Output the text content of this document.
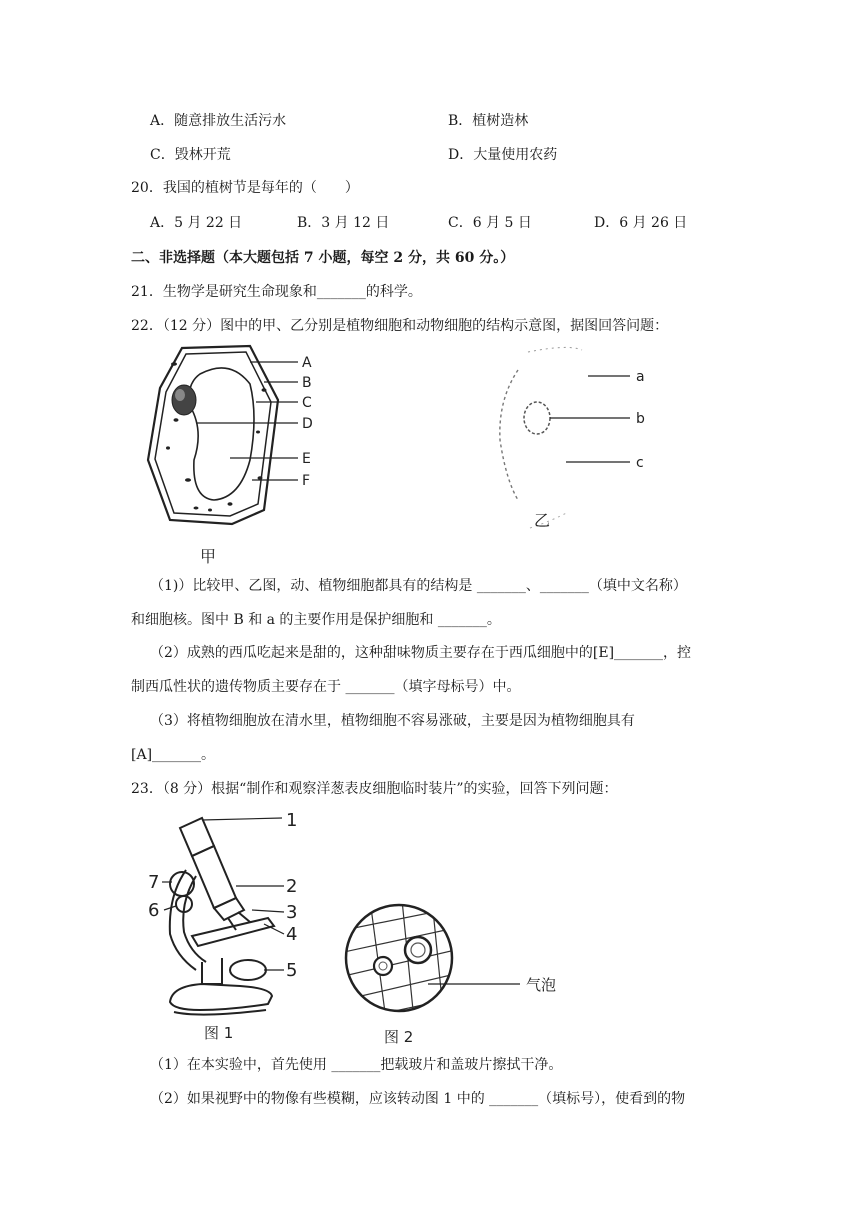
A．随意排放生活污水	B．植树造林
C．毁林开荒	D．大量使用农药
20．我国的植树节是每年的（　　）
A．5 月 22 日	B．3 月 12 日	C．6 月 5 日	D．6 月 26 日
二、非选择题（本大题包括 7 小题，每空 2 分，共 60 分。）
21．生物学是研究生命现象和_______的科学。
22．（12 分）图中的甲、乙分别是植物细胞和动物细胞的结构示意图，据图回答问题：
A
B
C
D
E
F
甲
a
b
c
乙
（1)）比较甲、乙图，动、植物细胞都具有的结构是 _______、_______（填中文名称）
和细胞核。图中 B 和 a 的主要作用是保护细胞和 _______。
（2）成熟的西瓜吃起来是甜的，这种甜味物质主要存在于西瓜细胞中的[E]_______，控
制西瓜性状的遗传物质主要存在于 _______（填字母标号）中。
（3）将植物细胞放在清水里，植物细胞不容易涨破，主要是因为植物细胞具有
[A]_______。
23．（8 分）根据“制作和观察洋葱表皮细胞临时装片”的实验，回答下列问题：
1
2
3
4
5
6
7
图 1
气泡
图 2
（1）在本实验中，首先使用 _______把载玻片和盖玻片擦拭干净。
（2）如果视野中的物像有些模糊，应该转动图 1 中的 _______（填标号），使看到的物
